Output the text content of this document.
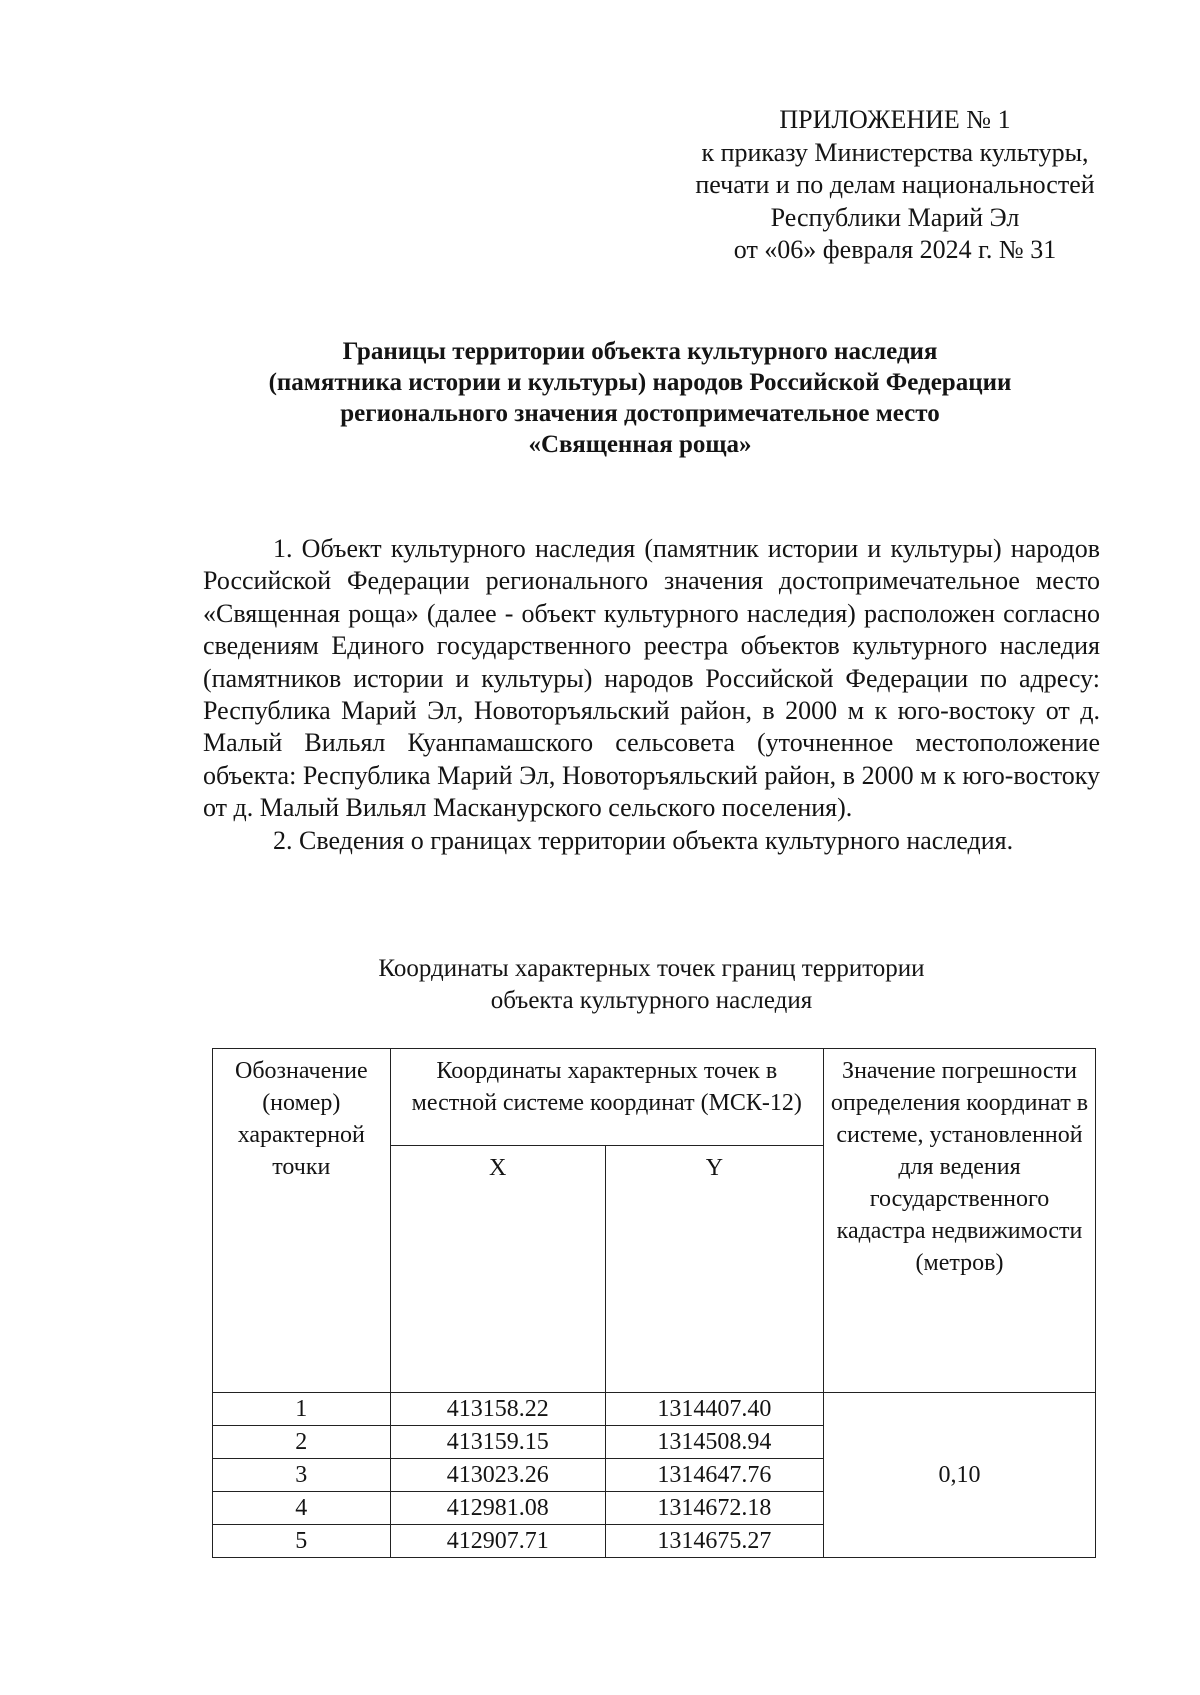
ПРИЛОЖЕНИЕ № 1
к приказу Министерства культуры,
печати и по делам национальностей
Республики Марий Эл
от «06» февраля 2024 г. № 31
Границы территории объекта культурного наследия
(памятника истории и культуры) народов Российской Федерации
регионального значения достопримечательное место
«Священная роща»

1. Объект культурного наследия (памятник истории и культуры) народов Российской Федерации регионального значения достопримечательное место «Священная роща» (далее - объект культурного наследия) расположен согласно сведениям Единого государственного реестра объектов культурного наследия (памятников истории и культуры) народов Российской Федерации по адресу: Республика Марий Эл, Новоторъяльский район, в 2000 м к юго-востоку от д. Малый Вильял Куанпамашского сельсовета (уточненное местоположение объекта: Республика Марий Эл, Новоторъяльский район, в 2000 м к юго-востоку от д. Малый Вильял Масканурского сельского поселения).

2. Сведения о границах территории объекта культурного наследия.

Координаты характерных точек границ территории
объекта культурного наследия
Обозначение (номер) характерной точки	Координаты характерных точек в местной системе координат (МСК-12)		Значение погрешности определения координат в системе, установленной для ведения государственного кадастра недвижимости (метров)
	X	Y	
1	413158.22	1314407.40	0,10
2	413159.15	1314508.94	
3	413023.26	1314647.76	
4	412981.08	1314672.18	
5	412907.71	1314675.27	
